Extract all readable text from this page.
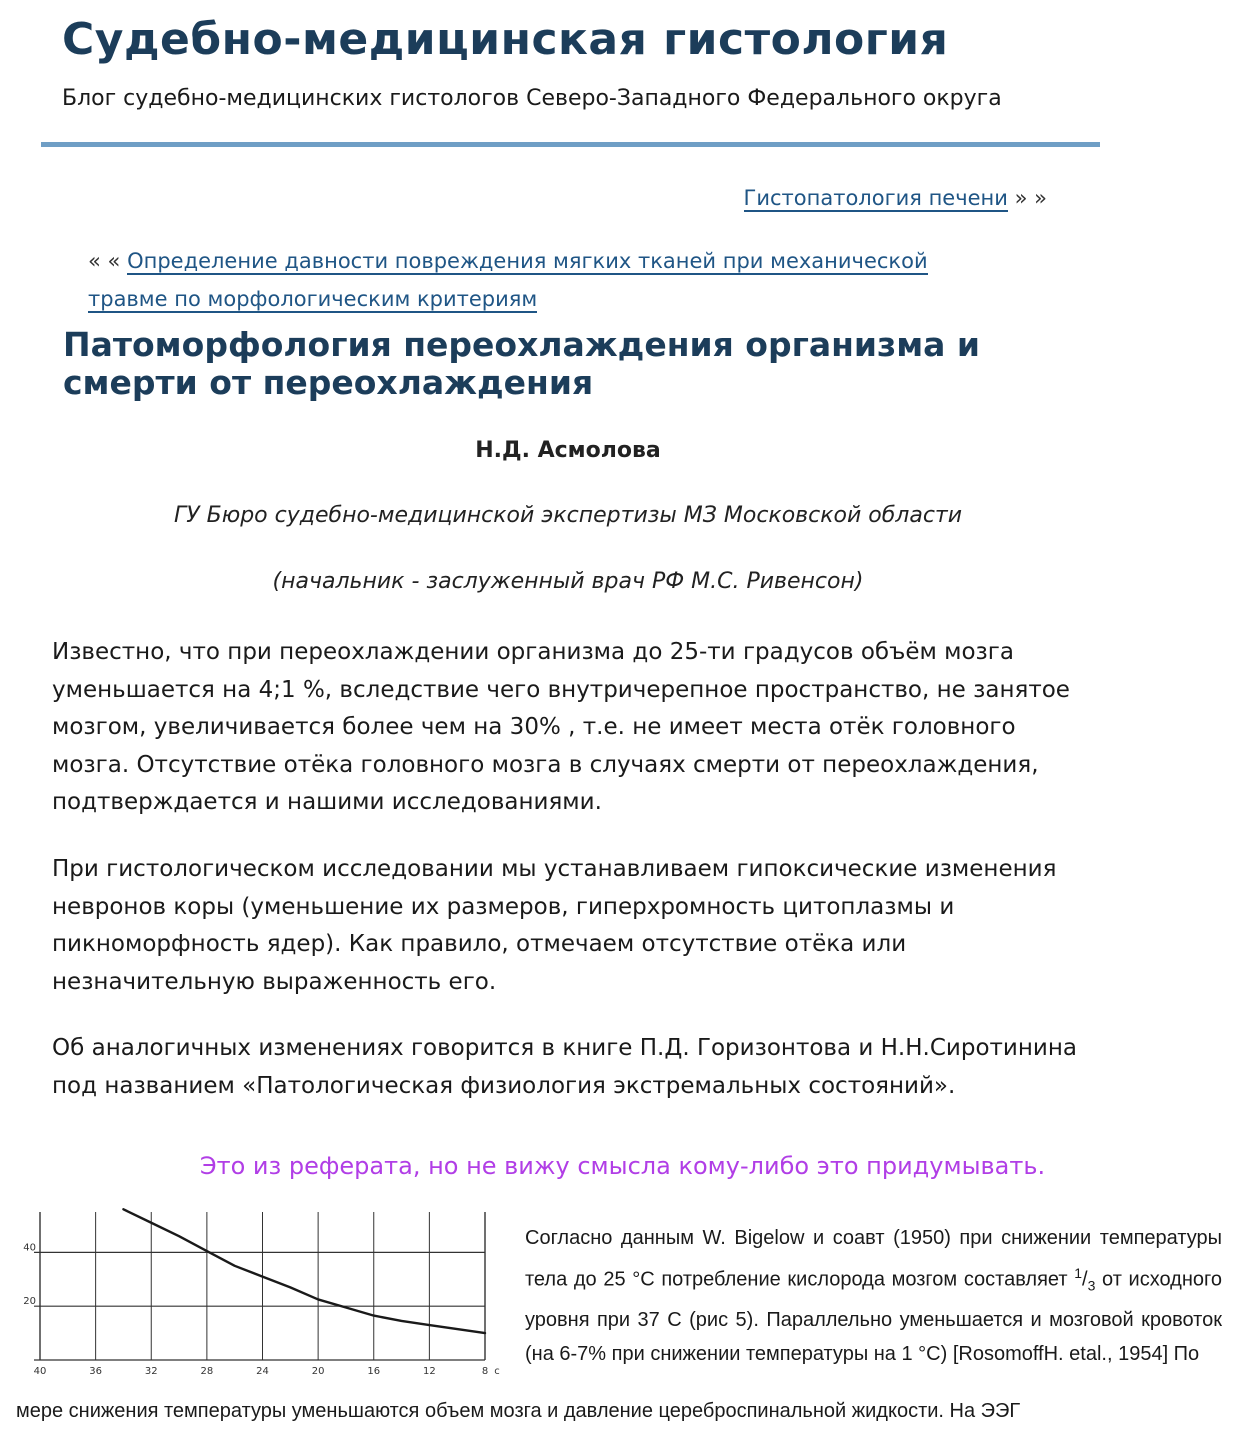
Судебно-медицинская гистология

Блог судебно-медицинских гистологов Северо-Западного Федерального округа

Гистопатология печени » »
« « Определение давности повреждения мягких тканей при механической травме по морфологическим критериям
Патоморфология переохлаждения организма и смерти от переохлаждения
Н.Д. Асмолова
ГУ Бюро судебно-медицинской экспертизы МЗ Московской области
(начальник - заслуженный врач РФ М.С. Ривенсон)

Известно, что при переохлаждении организма до 25-ти градусов объём мозга уменьшается на 4;1 %, вследствие чего внутричерепное пространство, не занятое мозгом, увеличивается более чем на 30% , т.е. не имеет места отёк головного мозга. Отсутствие отёка головного мозга в случаях смерти от переохлаждения, подтверждается и нашими исследованиями.

При гистологическом исследовании мы устанавливаем гипоксические изменения невронов коры (уменьшение их размеров, гиперхромность цитоплазмы и пикноморфность ядер). Как правило, отмечаем отсутствие отёка или незначительную выраженность его.

Об аналогичных изменениях говорится в книге П.Д. Горизонтова и Н.Н.Сиротинина под названием «Патологическая физиология экстремальных состояний».

Это из реферата, но не вижу смысла кому-либо это придумывать.
40	36	32	28	24	20	16	12	8 c
40
20
Согласно данным W. Bigelow и соавт (1950) при снижении температуры тела до 25 °С потребление кислорода мозгом составляет $^1/_3$ от исходного уровня при 37 С (рис 5). Параллельно уменьшается и мозговой кровоток (на 6-7% при снижении температуры на 1 °С) [RosomoffH. etal., 1954] По
мере снижения температуры уменьшаются объем мозга и давление цереброспинальной жидкости. На ЭЭГ
